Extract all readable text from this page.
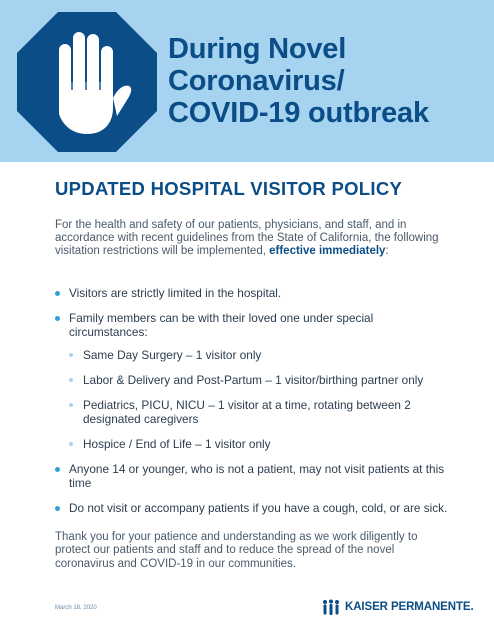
During Novel
Coronavirus/
COVID-19 outbreak
UPDATED HOSPITAL VISITOR POLICY

For the health and safety of our patients, physicians, and staff, and in accordance with recent guidelines from the State of California, the following visitation restrictions will be implemented, effective immediately:

Visitors are strictly limited in the hospital.
Family members can be with their loved one under special circumstances:
Same Day Surgery – 1 visitor only
Labor & Delivery and Post-Partum – 1 visitor/birthing partner only
Pediatrics, PICU, NICU – 1 visitor at a time, rotating between 2 designated caregivers
Hospice / End of Life – 1 visitor only
Anyone 14 or younger, who is not a patient, may not visit patients at this time
Do not visit or accompany patients if you have a cough, cold, or are sick.

Thank you for your patience and understanding as we work diligently to protect our patients and staff and to reduce the spread of the novel coronavirus and COVID-19 in our communities.

March 18, 2020	KAISER PERMANENTE.
